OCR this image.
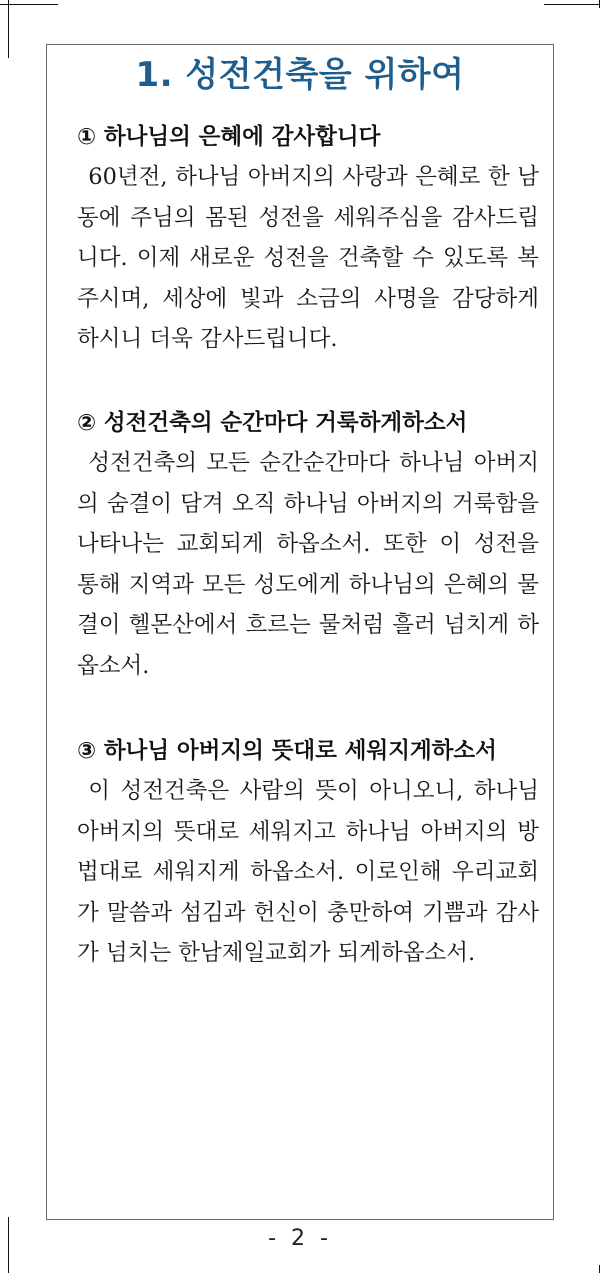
1. 성전건축을 위하여
① 하나님의 은혜에 감사합니다

60년전, 하나님 아버지의 사랑과 은혜로 한 남동에 주님의 몸된 성전을 세워주심을 감사드립니다. 이제 새로운 성전을 건축할 수 있도록 복 주시며, 세상에 빛과 소금의 사명을 감당하게 하시니 더욱 감사드립니다.

② 성전건축의 순간마다 거룩하게하소서

성전건축의 모든 순간순간마다 하나님 아버지의 숨결이 담겨 오직 하나님 아버지의 거룩함을 나타나는 교회되게 하옵소서. 또한 이 성전을 통해 지역과 모든 성도에게 하나님의 은혜의 물결이 헬몬산에서 흐르는 물처럼 흘러 넘치게 하옵소서.

③ 하나님 아버지의 뜻대로 세워지게하소서

이 성전건축은 사람의 뜻이 아니오니, 하나님 아버지의 뜻대로 세워지고 하나님 아버지의 방법대로 세워지게 하옵소서. 이로인해 우리교회가 말씀과 섬김과 헌신이 충만하여 기쁨과 감사가 넘치는 한남제일교회가 되게하옵소서.

- 2 -
